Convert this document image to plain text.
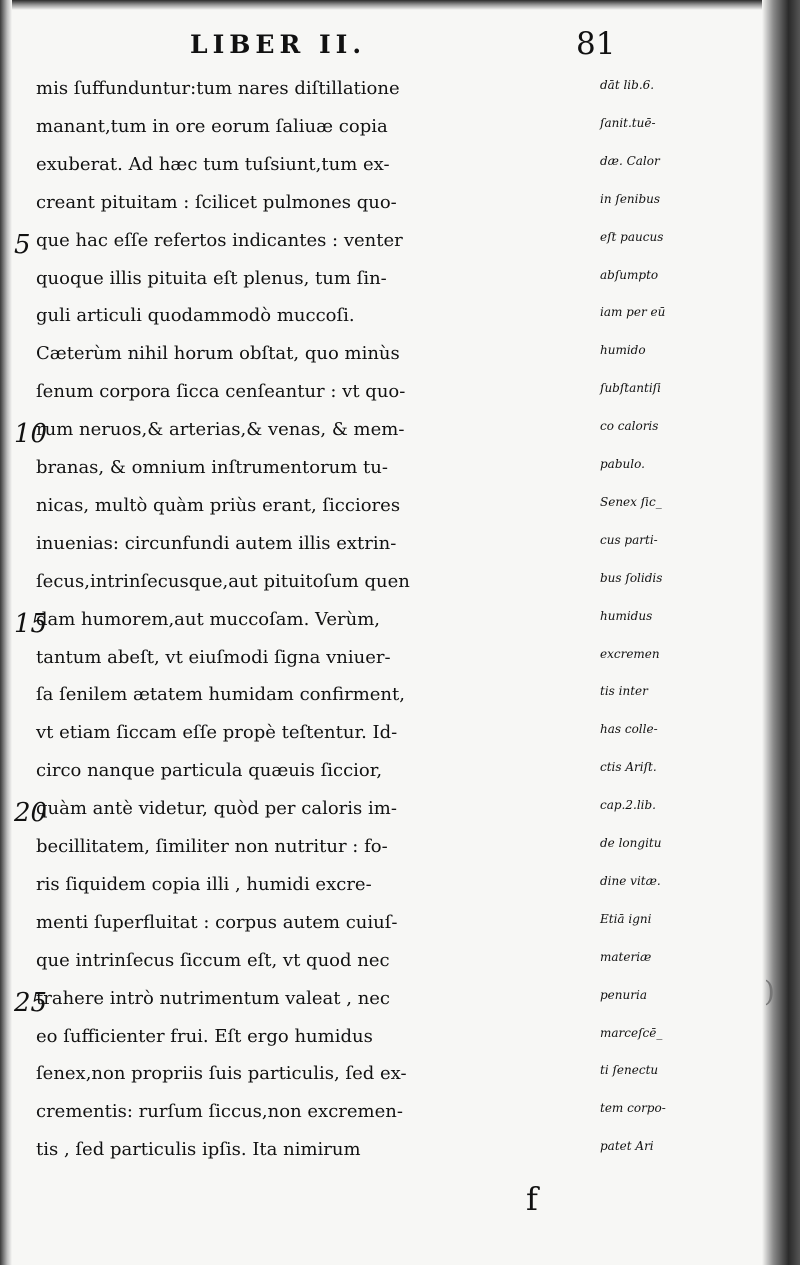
LIBER II.	81
mis ſuffunduntur:tum nares diſtillatione	dāt lib.6.
manant,tum in ore eorum ſaliuæ copia	ſanit.tuē-
exuberat. Ad hæc tum tuſsiunt,tum ex-	dæ. Calor
creant pituitam : ſcilicet pulmones quo-	in ſenibus
5 que hac eſſe refertos indicantes : venter	eſt paucus
quoque illis pituita eſt plenus, tum ſin-	abſumpto
guli articuli quodammodò muccoſi.	iam per eū
Cæterùm nihil horum obſtat, quo minùs	humido
ſenum corpora ſicca cenſeantur : vt quo-	ſubſtantiſi
10
rum neruos,& arterias,& venas, & mem-	co caloris
branas, & omnium inſtrumentorum tu-	pabulo.
nicas, multò quàm priùs erant, ſicciores	Senex ſic_
inuenias: circunfundi autem illis extrin-	cus parti-
ſecus,intrinſecusque,aut pituitoſum quen	bus ſolidis
15
dam humorem,aut muccoſam. Verùm,	humidus
tantum abeſt, vt eiuſmodi ſigna vniuer-	excremen
ſa ſenilem ætatem humidam confirment,	tis inter
vt etiam ſiccam eſſe propè teſtentur. Id-	has colle-
circo nanque particula quæuis ſiccior,	ctis Ariſt.
20
quàm antè videtur, quòd per caloris im-	cap.2.lib.
becillitatem, ſimiliter non nutritur : fo-	de longitu
ris ſiquidem copia illi , humidi excre-	dine vitæ.
menti ſuperfluitat : corpus autem cuiuſ-	Etiā igni
que intrinſecus ſiccum eſt, vt quod nec	materiæ
25
trahere intrò nutrimentum valeat , nec	penuria
eo ſufficienter frui. Eſt ergo humidus	marceſcē_
ſenex,non propriis ſuis particulis, ſed ex-	ti ſenectu
crementis: rurſum ſiccus,non excremen-	tem corpo-
tis , ſed particulis ipſis. Ita nimirum	patet Ari
f
)
